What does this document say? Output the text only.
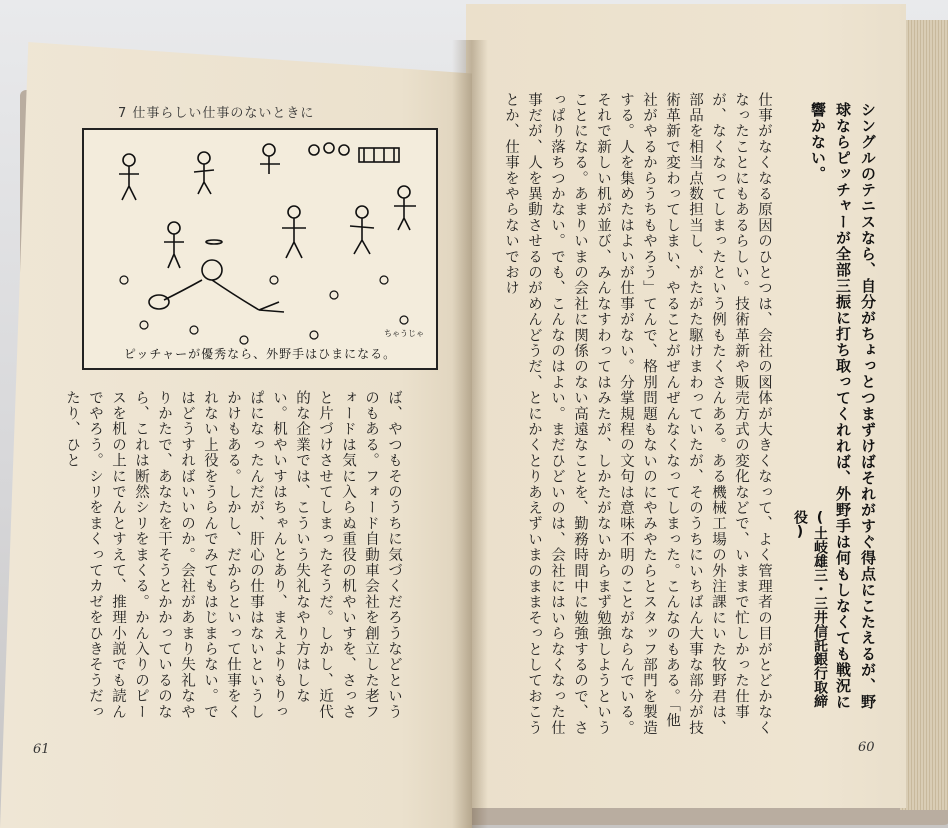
7 仕事らしい仕事のないときに
ちゃうじゃ
ピッチャーが優秀なら、外野手はひまになる。	シングルのテニスなら、自分がちょっとつまずけばそれがすぐ得点にこたえるが、野球ならピッチャーが全部三振に打ち取ってくれれば、外野手は何もしなくても戦況に響かない。
(土岐雄三・三井信託銀行取締役)
仕事がなくなる原因のひとつは、会社の図体が大きくなって、よく管理者の目がとどかなくなったことにもあるらしい。技術革新や販売方式の変化などで、いままで忙しかった仕事が、なくなってしまったという例もたくさんある。ある機械工場の外注課にいた牧野君は、部品を相当点数担当し、がたがた駆けまわっていたが、そのうちにいちばん大事な部分が技術革新で変わってしまい、やることがぜんぜんなくなってしまった。こんなのもある。「他社がやるからうちもやろう」てんで、格別問題もないのにやみやたらとスタッフ部門を製造する。人を集めたはよいが仕事がない。分掌規程の文句は意味不明のことがならんでいる。それで新しい机が並び、みんなすわってはみたが、しかたがないからまず勉強しようということになる。あまりいまの会社に関係のない高遠なことを、勤務時間中に勉強するので、さっぱり落ちつかない。でも、こんなのはよい。まだひどいのは、会社にはいらなくなった仕事だが、人を異動させるのがめんどうだ、とにかくとりあえずいまのままそっとしておこうとか、仕事をやらないでおけ
ば、やつもそのうちに気づくだろうなどというのもある。フォード自動車会社を創立した老フォードは気に入らぬ重役の机やいすを、さっさと片づけさせてしまったそうだ。しかし、近代的な企業では、こういう失礼なやり方はしない。机やいすはちゃんとあり、まえよりもりっぱになったんだが、肝心の仕事はないというしかけもある。しかし、だからといって仕事をくれない上役をうらんでみてもはじまらない。ではどうすればいいのか。会社があまり失礼なやりかたで、あなたを干そうとかかっているのなら、これは断然シリをまくる。かん入りのピースを机の上にでんとすえて、推理小説でも読んでやろう。シリをまくってカゼをひきそうだったり、ひと
61	60
